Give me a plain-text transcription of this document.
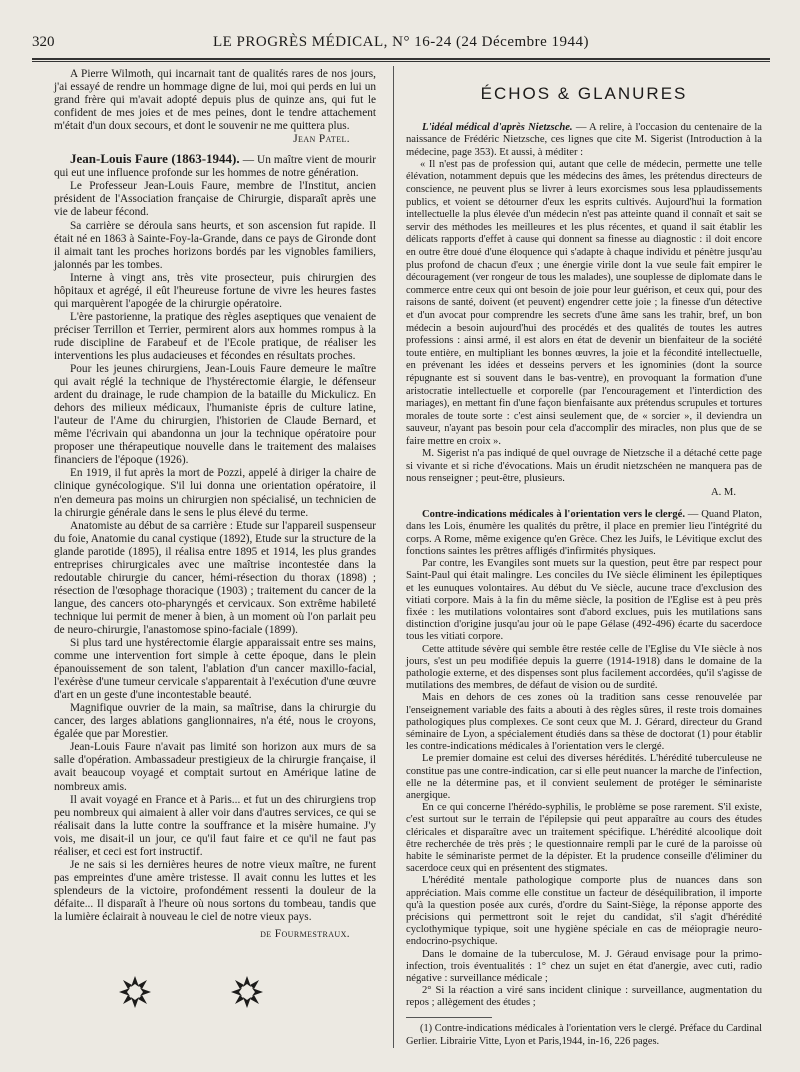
320	LE PROGRÈS MÉDICAL, N° 16-24 (24 Décembre 1944)

A Pierre Wilmoth, qui incarnait tant de qualités rares de nos jours, j'ai essayé de rendre un hommage digne de lui, moi qui perds en lui un grand frère qui m'avait adopté depuis plus de quinze ans, qui fut le confident de mes joies et de mes peines, dont le tendre attachement m'était d'un doux secours, et dont le souvenir ne me quittera plus.

Jean Patel.

Jean-Louis Faure (1863-1944). — Un maître vient de mourir qui eut une influence profonde sur les hommes de notre génération.

Le Professeur Jean-Louis Faure, membre de l'Institut, ancien président de l'Association française de Chirurgie, disparaît après une vie de labeur fécond.

Sa carrière se déroula sans heurts, et son ascension fut rapide. Il était né en 1863 à Sainte-Foy-la-Grande, dans ce pays de Gironde dont il aimait tant les proches horizons bordés par les vignobles familiers, jalonnés par les tombes.

Interne à vingt ans, très vite prosecteur, puis chirurgien des hôpitaux et agrégé, il eût l'heureuse fortune de vivre les heures fastes qui marquèrent l'apogée de la chirurgie opératoire.

L'ère pastorienne, la pratique des règles aseptiques que venaient de préciser Terrillon et Terrier, permirent alors aux hommes rompus à la rude discipline de Farabeuf et de l'Ecole pratique, de réaliser les interventions les plus audacieuses et fécondes en résultats proches.

Pour les jeunes chirurgiens, Jean-Louis Faure demeure le maître qui avait réglé la technique de l'hystérectomie élargie, le défenseur ardent du drainage, le rude champion de la bataille du Mickulicz. En dehors des milieux médicaux, l'humaniste épris de culture latine, l'auteur de l'Ame du chirurgien, l'historien de Claude Bernard, et même l'écrivain qui abandonna un jour la technique opératoire pour proposer une thérapeutique nouvelle dans le traitement des malaises financiers de l'époque (1926).

En 1919, il fut après la mort de Pozzi, appelé à diriger la chaire de clinique gynécologique. S'il lui donna une orientation opératoire, il n'en demeura pas moins un chirurgien non spécialisé, un technicien de la chirurgie générale dans le sens le plus élevé du terme.

Anatomiste au début de sa carrière : Etude sur l'appareil suspenseur du foie, Anatomie du canal cystique (1892), Etude sur la structure de la glande parotide (1895), il réalisa entre 1895 et 1914, les plus grandes entreprises chirurgicales avec une maîtrise incontestée dans la redoutable chirurgie du cancer, hémi-résection du thorax (1898) ; résection de l'œsophage thoracique (1903) ; traitement du cancer de la langue, des cancers oto-pharyngés et cervicaux. Son extrême habileté technique lui permit de mener à bien, à un moment où l'on parlait peu de neuro-chirurgie, l'anastomose spino-faciale (1899).

Si plus tard une hystérectomie élargie apparaissait entre ses mains, comme une intervention fort simple à cette époque, dans le plein épanouissement de son talent, l'ablation d'un cancer maxillo-facial, l'exérèse d'une tumeur cervicale s'apparentait à l'exécution d'une œuvre d'art en un geste d'une incontestable beauté.

Magnifique ouvrier de la main, sa maîtrise, dans la chirurgie du cancer, des larges ablations ganglionnaires, n'a été, nous le croyons, égalée que par Morestier.

Jean-Louis Faure n'avait pas limité son horizon aux murs de sa salle d'opération. Ambassadeur prestigieux de la chirurgie française, il avait beaucoup voyagé et comptait surtout en Amérique latine de nombreux amis.

Il avait voyagé en France et à Paris... et fut un des chirurgiens trop peu nombreux qui aimaient à aller voir dans d'autres services, ce qui se réalisait dans la lutte contre la souffrance et la misère humaine. J'y vois, me disait-il un jour, ce qu'il faut faire et ce qu'il ne faut pas réaliser, et ceci est fort instructif.

Je ne sais si les dernières heures de notre vieux maître, ne furent pas empreintes d'une amère tristesse. Il avait connu les luttes et les splendeurs de la victoire, profondément ressenti la douleur de la défaite... Il disparaît à l'heure où nous sortons du tombeau, tandis que la lumière éclairait à nouveau le ciel de notre vieux pays.

de Fourmestraux.

ÉCHOS & GLANURES

L'idéal médical d'après Nietzsche. — A relire, à l'occasion du centenaire de la naissance de Frédéric Nietzsche, ces lignes que cite M. Sigerist (Introduction à la médecine, page 353). Et aussi, à méditer :

« Il n'est pas de profession qui, autant que celle de médecin, permette une telle élévation, notamment depuis que les médecins des âmes, les prétendus directeurs de conscience, ne peuvent plus se livrer à leurs exorcismes sous lesa pplaudissements publics, et voient se détourner d'eux les esprits cultivés. Aujourd'hui la formation intellectuelle la plus élevée d'un médecin n'est pas atteinte quand il connaît et sait se servir des méthodes les meilleures et les plus récentes, et quand il sait établir les délicats rapports d'effet à cause qui donnent sa finesse au diagnostic : il doit encore en outre être doué d'une éloquence qui s'adapte à chaque individu et pénètre jusqu'au plus profond de chacun d'eux ; une énergie virile dont la vue seule fait empirer le découragement (ver rongeur de tous les malades), une souplesse de diplomate dans le commerce entre ceux qui ont besoin de joie pour leur guérison, et ceux qui, pour des raisons de santé, doivent (et peuvent) engendrer cette joie ; la finesse d'un détective et d'un avocat pour comprendre les secrets d'une âme sans les trahir, bref, un bon médecin a besoin aujourd'hui des procédés et des qualités de toutes les autres professions : ainsi armé, il est alors en état de devenir un bienfaiteur de la société toute entière, en multipliant les bonnes œuvres, la joie et la fécondité intellectuelle, en prévenant les idées et desseins pervers et les ignominies (dont la source répugnante est si souvent dans le bas-ventre), en provoquant la formation d'une aristocratie intellectuelle et corporelle (par l'encouragement et l'interdiction des mariages), en mettant fin d'une façon bienfaisante aux prétendus scrupules et tortures morales de toute sorte : c'est ainsi seulement que, de « sorcier », il deviendra un sauveur, n'ayant pas besoin pour cela d'accomplir des miracles, non plus que de se faire mettre en croix ».

M. Sigerist n'a pas indiqué de quel ouvrage de Nietzsche il a détaché cette page si vivante et si riche d'évocations. Mais un érudit nietzschéen ne manquera pas de nous renseigner ; peut-être, plusieurs.

A. M.

Contre-indications médicales à l'orientation vers le clergé. — Quand Platon, dans les Lois, énumère les qualités du prêtre, il place en premier lieu l'intégrité du corps. A Rome, même exigence qu'en Grèce. Chez les Juifs, le Lévitique exclut des fonctions saintes les prêtres affligés d'infirmités physiques.

Par contre, les Evangiles sont muets sur la question, peut être par respect pour Saint-Paul qui était malingre. Les conciles du IVe siècle éliminent les épileptiques et les eunuques volontaires. Au début du Ve siècle, aucune trace d'exclusion des vitiati corpore. Mais à la fin du même siècle, la position de l'Eglise est à peu près fixée : les mutilations volontaires sont d'abord exclues, puis les mutilations sans distinction d'origine jusqu'au jour où le pape Gélase (492-496) écarte du sacerdoce tous les vitiati corpore.

Cette attitude sévère qui semble être restée celle de l'Eglise du VIe siècle à nos jours, s'est un peu modifiée depuis la guerre (1914-1918) dans le domaine de la pathologie externe, et des dispenses sont plus facilement accordées, qu'il s'agisse de mutilations des membres, de défaut de vision ou de surdité.

Mais en dehors de ces zones où la tradition sans cesse renouvelée par l'enseignement variable des faits a abouti à des règles sûres, il reste trois domaines pathologiques plus complexes. Ce sont ceux que M. J. Gérard, directeur du Grand séminaire de Lyon, a spécialement étudiés dans sa thèse de doctorat (1) pour établir les contre-indications médicales à l'orientation vers le clergé.

Le premier domaine est celui des diverses hérédités. L'hérédité tuberculeuse ne constitue pas une contre-indication, car si elle peut nuancer la marche de l'infection, elle ne la détermine pas, et il convient seulement de protéger le séminariste anergique.

En ce qui concerne l'hérédo-syphilis, le problème se pose rarement. S'il existe, c'est surtout sur le terrain de l'épilepsie qui peut apparaître au cours des études cléricales et disparaître avec un traitement spécifique. L'hérédité alcoolique doit être recherchée de très près ; le questionnaire rempli par le curé de la paroisse où habite le séminariste permet de la dépister. Et la prudence conseille d'éliminer du sacerdoce ceux qui en présentent des stigmates.

L'hérédité mentale pathologique comporte plus de nuances dans son appréciation. Mais comme elle constitue un facteur de déséquilibration, il importe qu'à la question posée aux curés, d'ordre du Saint-Siège, la réponse apporte des précisions qui permettront soit le rejet du candidat, s'il s'agit d'hérédité cyclothymique typique, soit une hygiène spéciale en cas de méiopragie neuro-endocrino-psychique.

Dans le domaine de la tuberculose, M. J. Géraud envisage pour la primo-infection, trois éventualités : 1° chez un sujet en état d'anergie, avec cuti, radio négative : surveillance médicale ;

2° Si la réaction a viré sans incident clinique : surveillance, augmentation du repos ; allègement des études ;

(1) Contre-indications médicales à l'orientation vers le clergé. Préface du Cardinal Gerlier. Librairie Vitte, Lyon et Paris,1944, in-16, 226 pages.
